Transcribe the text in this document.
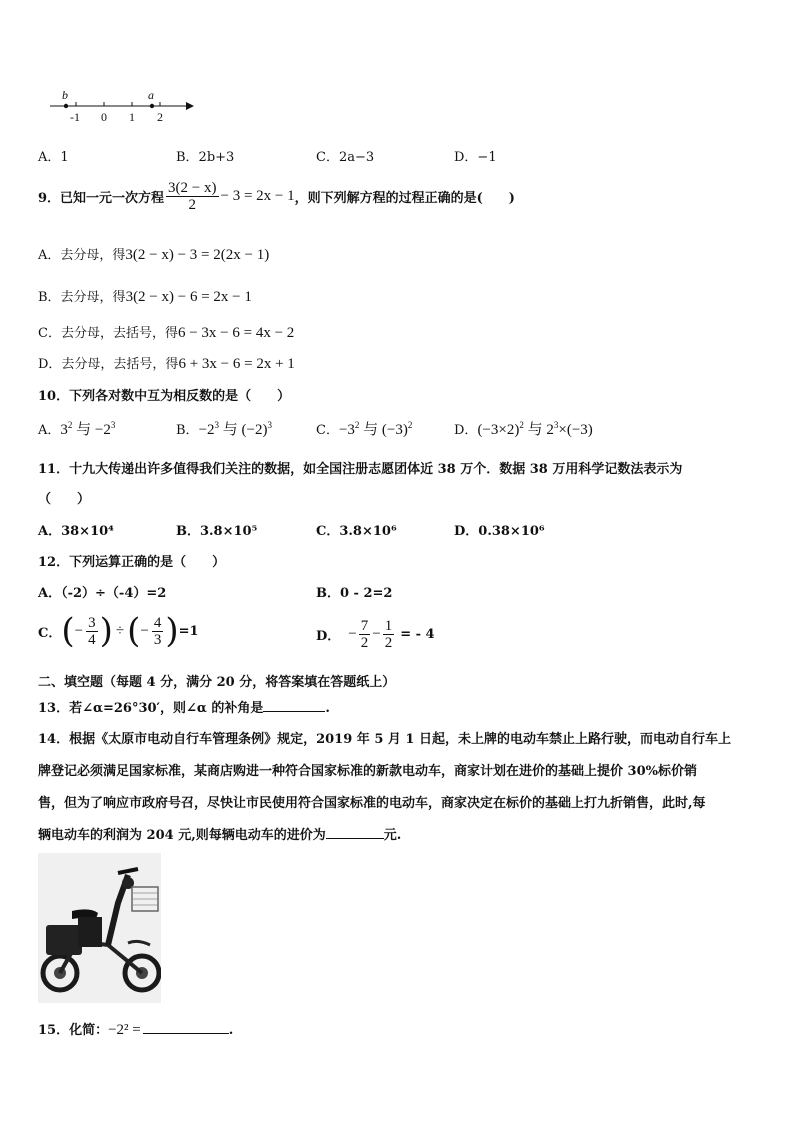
b	a
-1 0 1 2
A．1	B．2b+3	C．2a−3	D．−1
9．已知一元一次方程 $\frac{3(2 - x)}{2} - 3 = 2x - 1$ ，则下列解方程的过程正确的是(　　)
A．去分母，得3(2 − x) − 3 = 2(2x − 1)
B．去分母，得3(2 − x) − 6 = 2x − 1
C．去分母，去括号，得6 − 3x − 6 = 4x − 2
D．去分母，去括号，得6 + 3x − 6 = 2x + 1
10．下列各对数中互为相反数的是（　　）
A．$3^2$ 与 $-2^3$	B．$-2^3$ 与 $(-2)^3$	C．$-3^2$ 与 $(-3)^2$	D．$(-3\times 2)^2$ 与 $2^3\times(-3)$
11．十九大传递出许多值得我们关注的数据，如全国注册志愿团体近 38 万个．数据 38 万用科学记数法表示为
（　　）
A．38×10⁴	B．3.8×10⁵	C．3.8×10⁶	D．0.38×10⁶
12．下列运算正确的是（　　）
A．（-2）÷（-4）=2	B．0 - 2=2
C． ( − $\frac{3}{4}$ ) ÷ ( − $\frac{4}{3}$ ) =1	D． − $\frac{7}{2} - \frac{1}{2}$ = - 4
二、填空题（每题 4 分，满分 20 分，将答案填在答题纸上）
13．若∠α=26°30′，则∠α 的补角是	.
14．根据《太原市电动自行车管理条例》规定，2019 年 5 月 1 日起，未上牌的电动车禁止上路行驶，而电动自行车上
牌登记必须满足国家标准，某商店购进一种符合国家标准的新款电动车，商家计划在进价的基础上提价 30%标价销
售，但为了响应市政府号召，尽快让市民使用符合国家标准的电动车，商家决定在标价的基础上打九折销售，此时,每
辆电动车的利润为 204 元,则每辆电动车的进价为	元.
15．化简：−2² =	.
